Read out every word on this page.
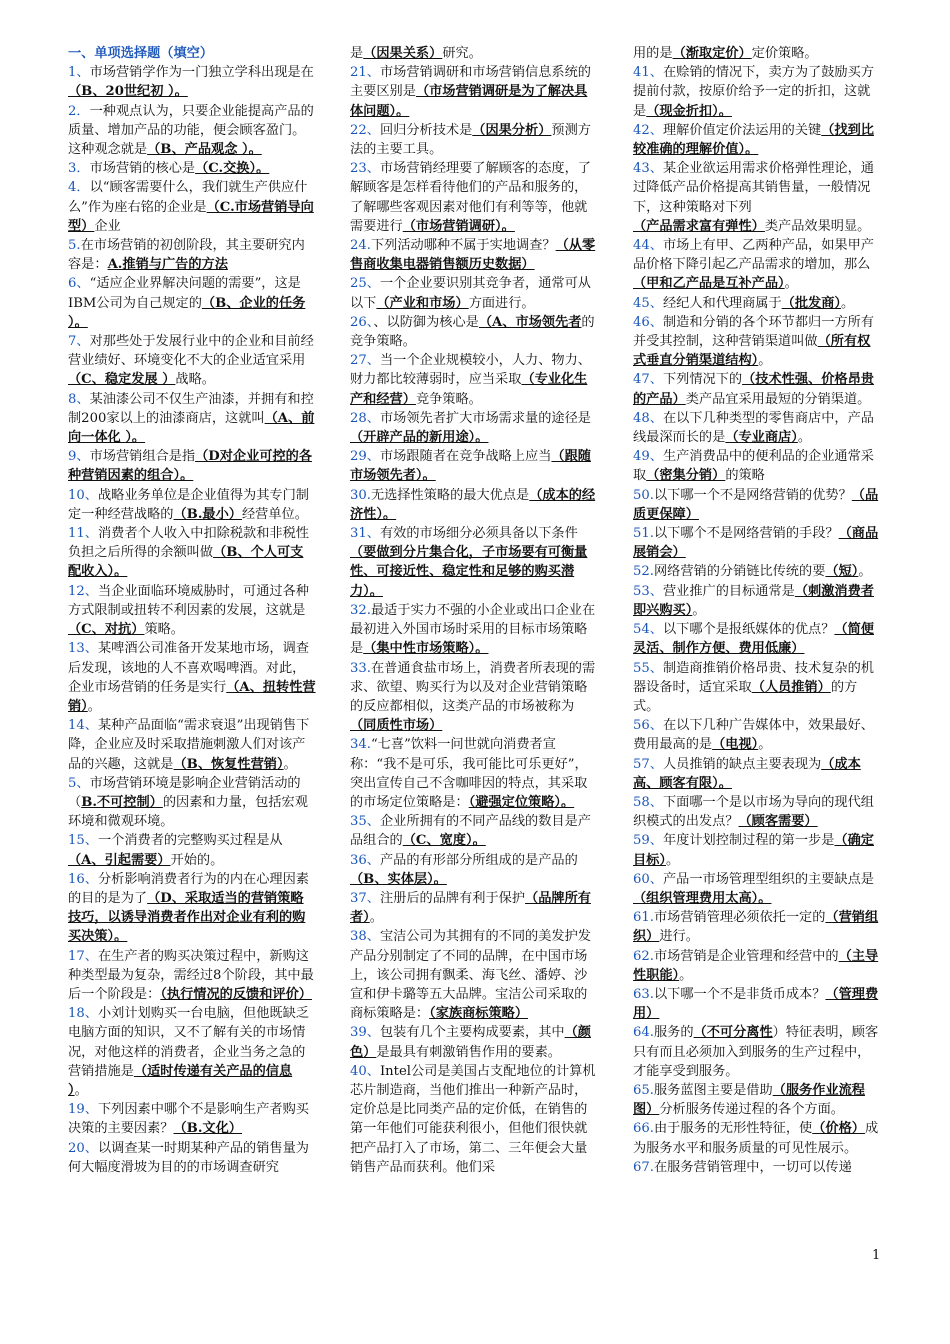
一、单项选择题（填空）

1、市场营销学作为一门独立学科出现是在（B、20世纪初 ）。

2．一种观点认为，只要企业能提高产品的质量、增加产品的功能，便会顾客盈门。这种观念就是（B、产品观念 ）。

3．市场营销的核心是（C.交换）。

4．以“顾客需要什么，我们就生产供应什么”作为座右铭的企业是（C.市场营销导向型）企业

5.在市场营销的初创阶段，其主要研究内容是：A.推销与广告的方法

6、“适应企业界解决问题的需要”，这是IBM公司为自己规定的（B、企业的任务 ）。

7、对那些处于发展行业中的企业和目前经营业绩好、环境变化不大的企业适宜采用（C、稳定发展 ）战略。

8、某油漆公司不仅生产油漆，并拥有和控制200家以上的油漆商店，这就叫（A、前向一体化 ）。

9、市场营销组合是指（D对企业可控的各种营销因素的组合）。

10、战略业务单位是企业值得为其专门制定一种经营战略的（B.最小）经营单位。

11、消费者个人收入中扣除税款和非税性负担之后所得的余额叫做（B、个人可支配收入）。

12、当企业面临环境威胁时，可通过各种方式限制或扭转不利因素的发展，这就是（C、对抗）策略。

13、某啤酒公司准备开发某地市场，调查后发现，该地的人不喜欢喝啤酒。对此，企业市场营销的任务是实行（A、扭转性营销）。

14、某种产品面临“需求衰退”出现销售下降，企业应及时采取措施刺激人们对该产品的兴趣，这就是（B、恢复性营销）。

5、市场营销环境是影响企业营销活动的（B.不可控制）的因素和力量，包括宏观环境和微观环境。

15、一个消费者的完整购买过程是从（A、引起需要）开始的。

16、分析影响消费者行为的内在心理因素的目的是为了（D、采取适当的营销策略技巧，以诱导消费者作出对企业有利的购买决策）。

17、在生产者的购买决策过程中，新购这种类型最为复杂，需经过8个阶段，其中最后一个阶段是：（执行情况的反馈和评价）

18、小刘计划购买一台电脑，但他既缺乏电脑方面的知识，又不了解有关的市场情况，对他这样的消费者，企业当务之急的营销措施是（适时传递有关产品的信息 ）。

19、下列因素中哪个不是影响生产者购买决策的主要因素？（B.文化）

20、以调查某一时期某种产品的销售量为何大幅度滑坡为目的的市场调查研究

是（因果关系）研究。

21、市场营销调研和市场营销信息系统的主要区别是（市场营销调研是为了解决具体问题）。

22、回归分析技术是（因果分析）预测方法的主要工具。

23、市场营销经理要了解顾客的态度，了解顾客是怎样看待他们的产品和服务的，了解哪些客观因素对他们有利等等，他就需要进行（市场营销调研）。

24.下列活动哪种不属于实地调查？（从零售商收集电器销售额历史数据）

25、一个企业要识别其竞争者，通常可从以下（产业和市场）方面进行。

26、、以防御为核心是（A、市场领先者的竞争策略。

27、当一个企业规模较小，人力、物力、财力都比较薄弱时，应当采取（专业化生产和经营）竞争策略。

28、市场领先者扩大市场需求量的途径是（开辟产品的新用途）。

29、市场跟随者在竞争战略上应当（跟随市场领先者）。

30.无选择性策略的最大优点是（成本的经济性）。

31、有效的市场细分必须具备以下条件（要做到分片集合化，子市场要有可衡量性、可接近性、稳定性和足够的购买潜力）。

32.最适于实力不强的小企业或出口企业在最初进入外国市场时采用的目标市场策略是（集中性市场策略）。

33.在普通食盐市场上，消费者所表现的需求、欲望、购买行为以及对企业营销策略的反应都相似，这类产品的市场被称为（同质性市场）

34.“七喜”饮料一问世就向消费者宣称：“我不是可乐，我可能比可乐更好”，突出宣传自己不含咖啡因的特点，其采取的市场定位策略是：（避强定位策略）。

35、企业所拥有的不同产品线的数目是产品组合的（C、宽度）。

36、产品的有形部分所组成的是产品的（B、实体层）。

37、注册后的品牌有利于保护（品牌所有者）。

38、宝洁公司为其拥有的不同的美发护发产品分别制定了不同的品牌，在中国市场上，该公司拥有飘柔、海飞丝、潘婷、沙宣和伊卡璐等五大品牌。宝洁公司采取的商标策略是：（家族商标策略）

39、包装有几个主要构成要素，其中（颜色）是最具有刺激销售作用的要素。

40、Intel公司是美国占支配地位的计算机芯片制造商，当他们推出一种新产品时，定价总是比同类产品的定价低，在销售的第一年他们可能获利很小，但他们很快就把产品打入了市场，第二、三年便会大量销售产品而获利。他们采

用的是（渐取定价）定价策略。

41、在赊销的情况下，卖方为了鼓励买方提前付款，按原价给予一定的折扣，这就是（现金折扣）。

42、理解价值定价法运用的关键（找到比较准确的理解价值）。

43、某企业欲运用需求价格弹性理论，通过降低产品价格提高其销售量，一般情况下，这种策略对下列（产品需求富有弹性）类产品效果明显。

44、市场上有甲、乙两种产品，如果甲产品价格下降引起乙产品需求的增加，那么（甲和乙产品是互补产品）。

45、经纪人和代理商属于（批发商）。

46、制造和分销的各个环节都归一方所有并受其控制，这种营销渠道叫做（所有权式垂直分销渠道结构）。

47、下列情况下的（技术性强、价格昂贵的产品）类产品宜采用最短的分销渠道。

48、在以下几种类型的零售商店中，产品线最深而长的是（专业商店）。

49、生产消费品中的便利品的企业通常采取（密集分销）的策略

50.以下哪一个不是网络营销的优势？（品质更保障）

51.以下哪个不是网络营销的手段？（商品展销会）

52.网络营销的分销链比传统的要（短）。

53、营业推广的目标通常是（刺激消费者即兴购买）。

54、以下哪个是报纸媒体的优点？（简便灵活、制作方便、费用低廉）

55、制造商推销价格昂贵、技术复杂的机器设备时，适宜采取（人员推销）的方式。

56、在以下几种广告媒体中，效果最好、费用最高的是（电视）。

57、人员推销的缺点主要表现为（成本高、顾客有限）。

58、下面哪一个是以市场为导向的现代组织模式的出发点？（顾客需要）

59、年度计划控制过程的第一步是（确定目标）。

60、产品一市场管理型组织的主要缺点是（组织管理费用太高）。

61.市场营销管理必须依托一定的（营销组织）进行。

62.市场营销是企业管理和经营中的（主导性职能）。

63.以下哪一个不是非货币成本？（管理费用）

64.服务的（不可分离性）特征表明，顾客只有而且必须加入到服务的生产过程中，才能享受到服务。

65.服务蓝图主要是借助（服务作业流程图）分析服务传递过程的各个方面。

66.由于服务的无形性特征，使（价格）成为服务水平和服务质量的可见性展示。

67.在服务营销管理中，一切可以传递

1
